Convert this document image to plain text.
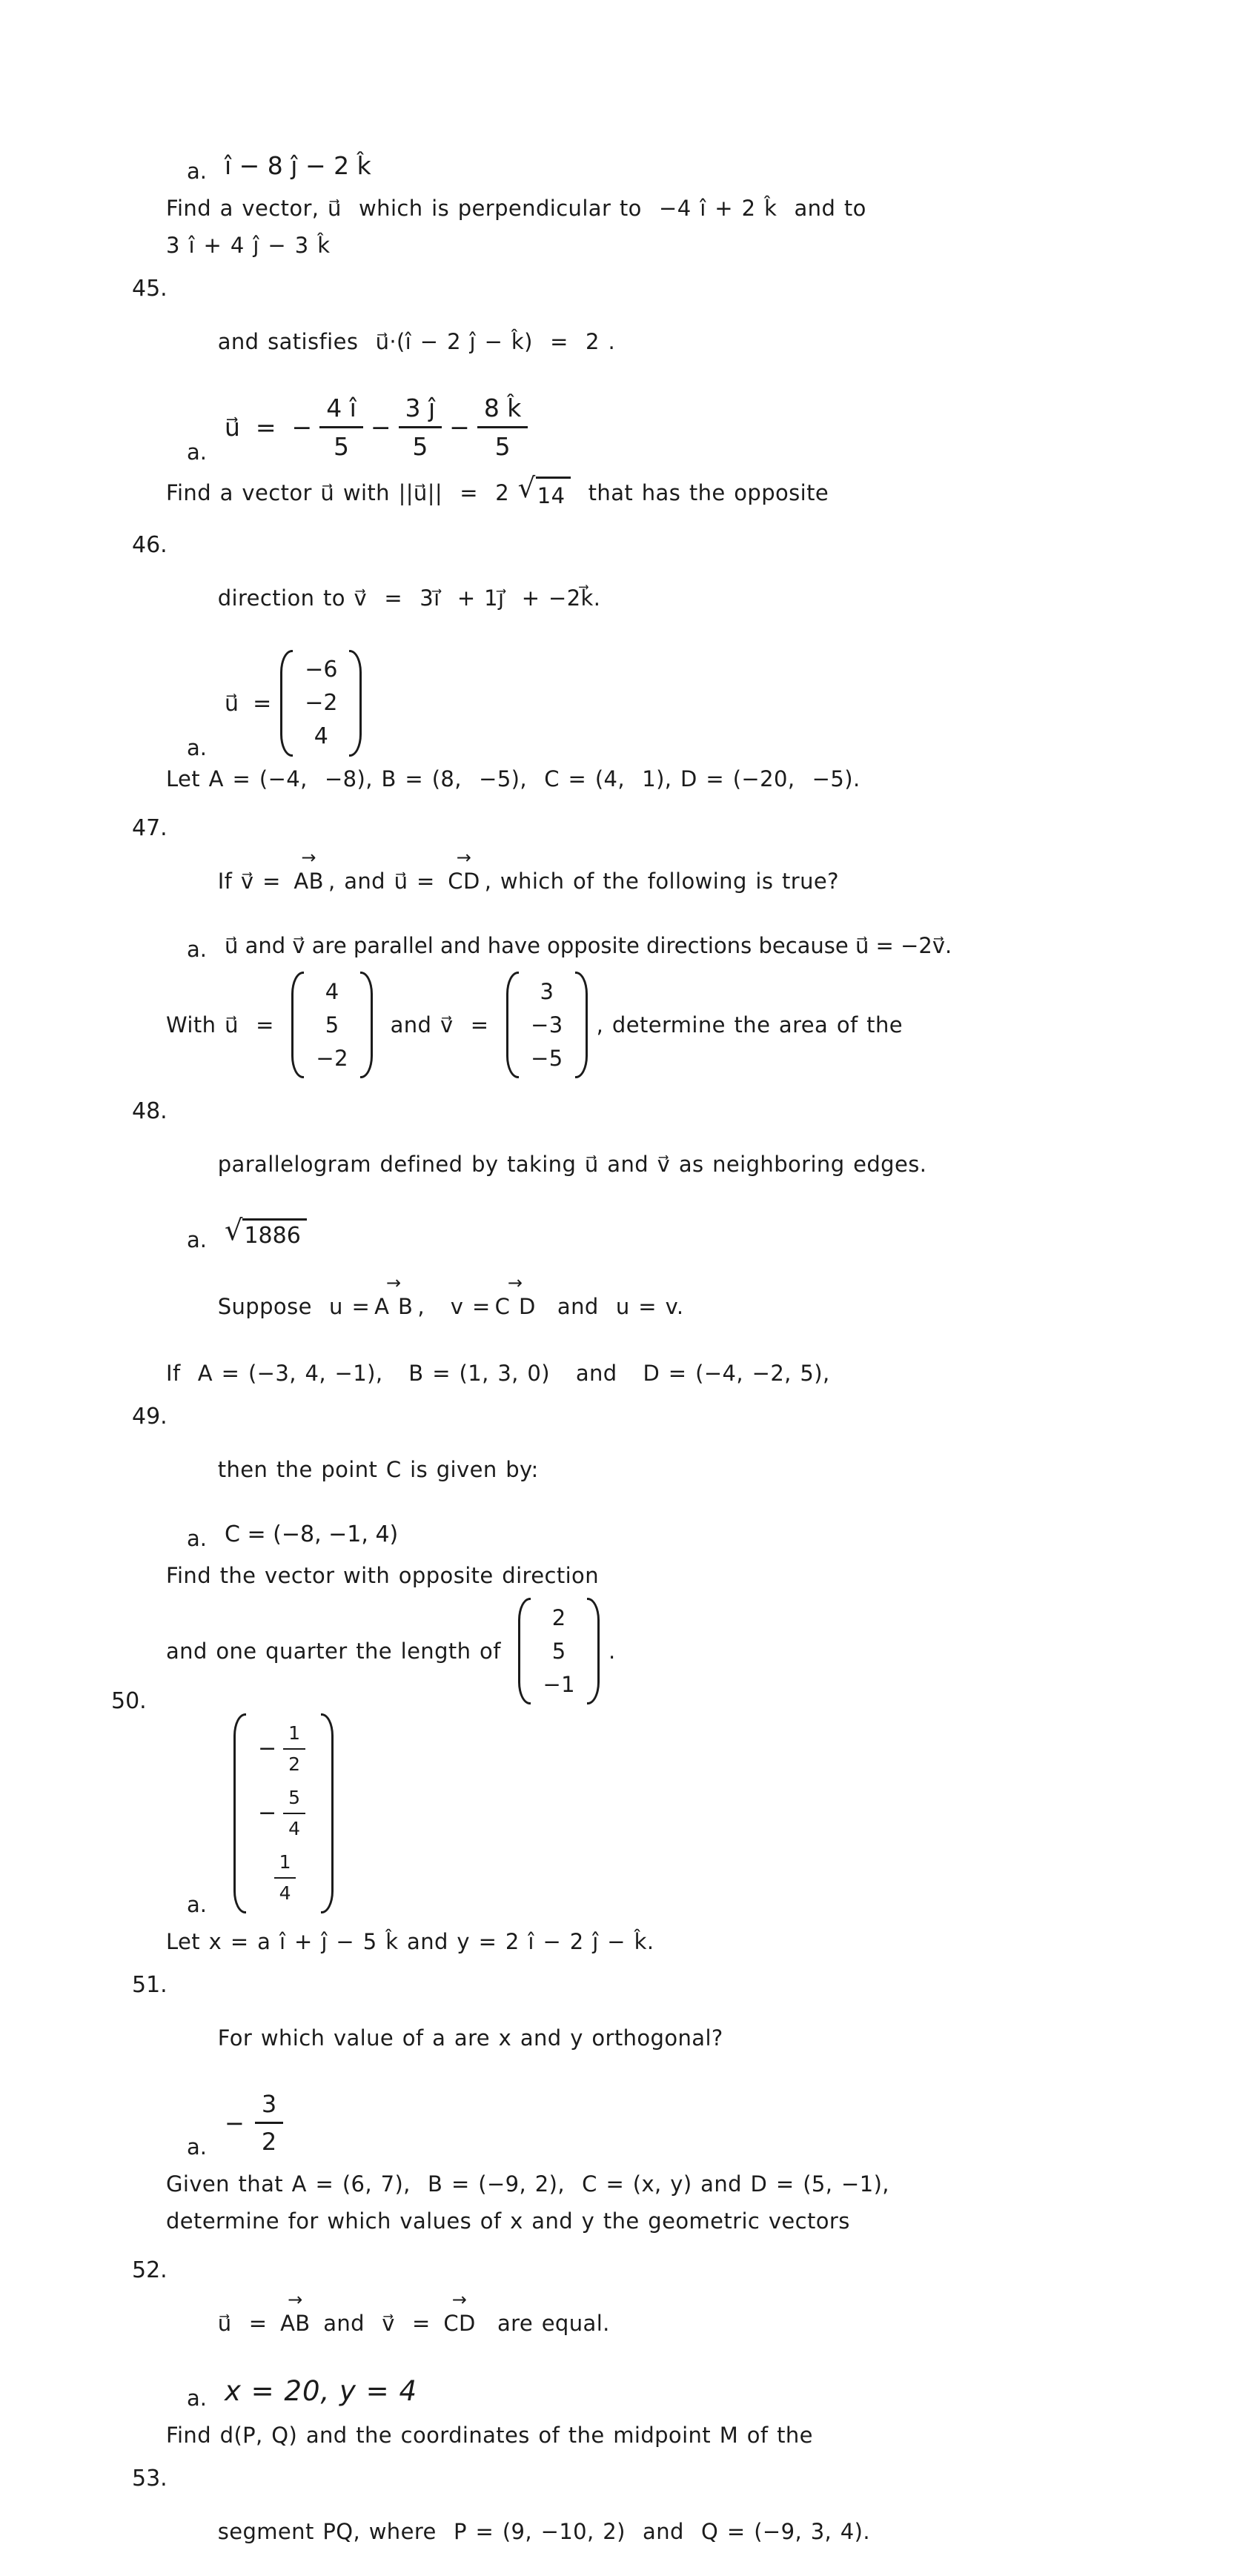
a. î − 8 ĵ − 2 k̂

Find a vector, u⃗  which is perpendicular to  −4 î + 2 k̂  and to

3 î + 4 ĵ − 3 k̂

45.

and satisfies  u⃗·(î − 2 ĵ − k̂)  =  2 .

a.
u⃗  =  − $\frac{4 î}{5} - \frac{3 ĵ}{5} - \frac{8 k̂}{5}$

Find a vector u⃗ with ||u⃗||  =  2 √ 14 that has the opposite

46.

direction to v⃗  =  3i⃗  + 1j⃗  + −2k⃗.

a.
u⃗  =
−6
−2
4

Let A = (−4,  −8), B = (8,  −5),  C = (4,  1), D = (−20,  −5).

47.

If v⃗ =
→
AB , and u⃗ =
→
CD , which of the following is true?

a. u⃗ and v⃗ are parallel and have opposite directions because u⃗ = −2v⃗.

With u⃗  =
4
5
−2
and v⃗  =
3
−3
−5
, determine the area of the

48.

parallelogram defined by taking u⃗ and v⃗ as neighboring edges.

a. √ 1886

Suppose  u =
→
A B ,   v =
→
C D  and  u = v.

If  A = (−3, 4, −1),   B = (1, 3, 0)   and   D = (−4, −2, 5),

49.

then the point C is given by:

a. C = (−8, −1, 4)

Find the vector with opposite direction

and one quarter the length of
2
5
−1
.

50.
a.
− $\frac{1}{2}$
− $\frac{5}{4}$
$\frac{1}{4}$

Let x = a î + ĵ − 5 k̂ and y = 2 î − 2 ĵ − k̂.

51.

For which value of a are x and y orthogonal?

a.
− $\frac{3}{2}$

Given that A = (6, 7),  B = (−9, 2),  C = (x, y) and D = (5, −1),

determine for which values of x and y the geometric vectors

52.

u⃗  =
→
AB and  v⃗  =
→
CD  are equal.

a. x = 20, y = 4

Find d(P, Q) and the coordinates of the midpoint M of the

53.

segment PQ, where  P = (9, −10, 2)  and  Q = (−9, 3, 4).
